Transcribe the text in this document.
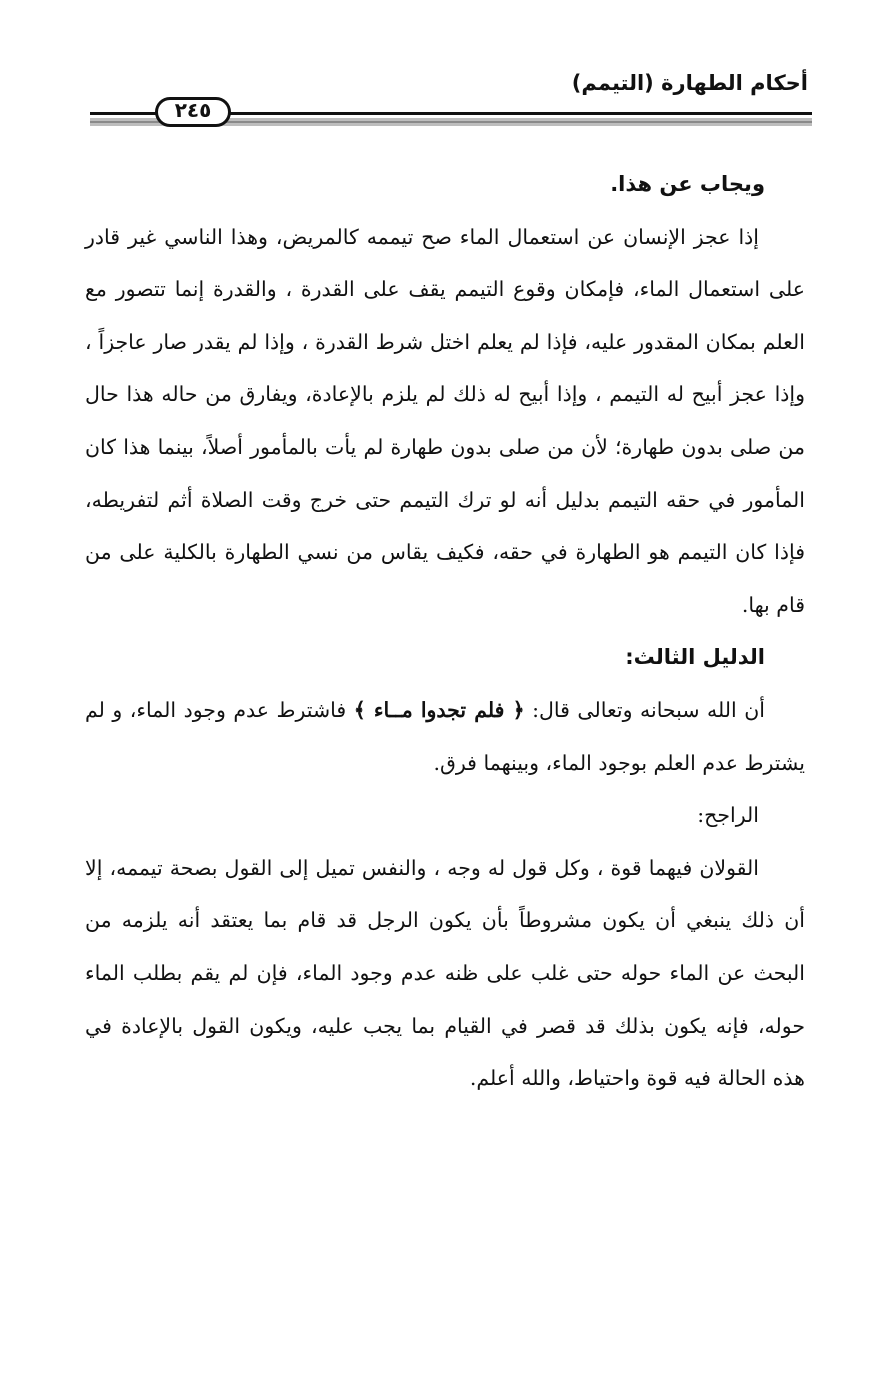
أحكام الطهارة (التيمم)
٢٤٥

ويجاب عن هذا.

إذا عجز الإنسان عن استعمال الماء صح تيممه كالمريض، وهذا الناسي غير قادر على استعمال الماء، فإمكان وقوع التيمم يقف على القدرة ، والقدرة إنما تتصور مع العلم بمكان المقدور عليه، فإذا لم يعلم اختل شرط القدرة ، وإذا لم يقدر صار عاجزاً ، وإذا عجز أبيح له التيمم ، وإذا أبيح له ذلك لم يلزم بالإعادة، ويفارق من حاله هذا حال من صلى بدون طهارة؛ لأن من صلى بدون طهارة لم يأت بالمأمور أصلاً، بينما هذا كان المأمور في حقه التيمم بدليل أنه لو ترك التيمم حتى خرج وقت الصلاة أثم لتفريطه، فإذا كان التيمم هو الطهارة في حقه، فكيف يقاس من نسي الطهارة بالكلية على من قام بها.

الدليل الثالث:

أن الله سبحانه وتعالى قال: ﴿ فلم تجدوا مــاء ﴾ فاشترط عدم وجود الماء، و لم يشترط عدم العلم بوجود الماء، وبينهما فرق.

الراجح:

القولان فيهما قوة ، وكل قول له وجه ، والنفس تميل إلى القول بصحة تيممه، إلا أن ذلك ينبغي أن يكون مشروطاً بأن يكون الرجل قد قام بما يعتقد أنه يلزمه من البحث عن الماء حوله حتى غلب على ظنه عدم وجود الماء، فإن لم يقم بطلب الماء حوله، فإنه يكون بذلك قد قصر في القيام بما يجب عليه، ويكون القول بالإعادة في هذه الحالة فيه قوة واحتياط، والله أعلم.
